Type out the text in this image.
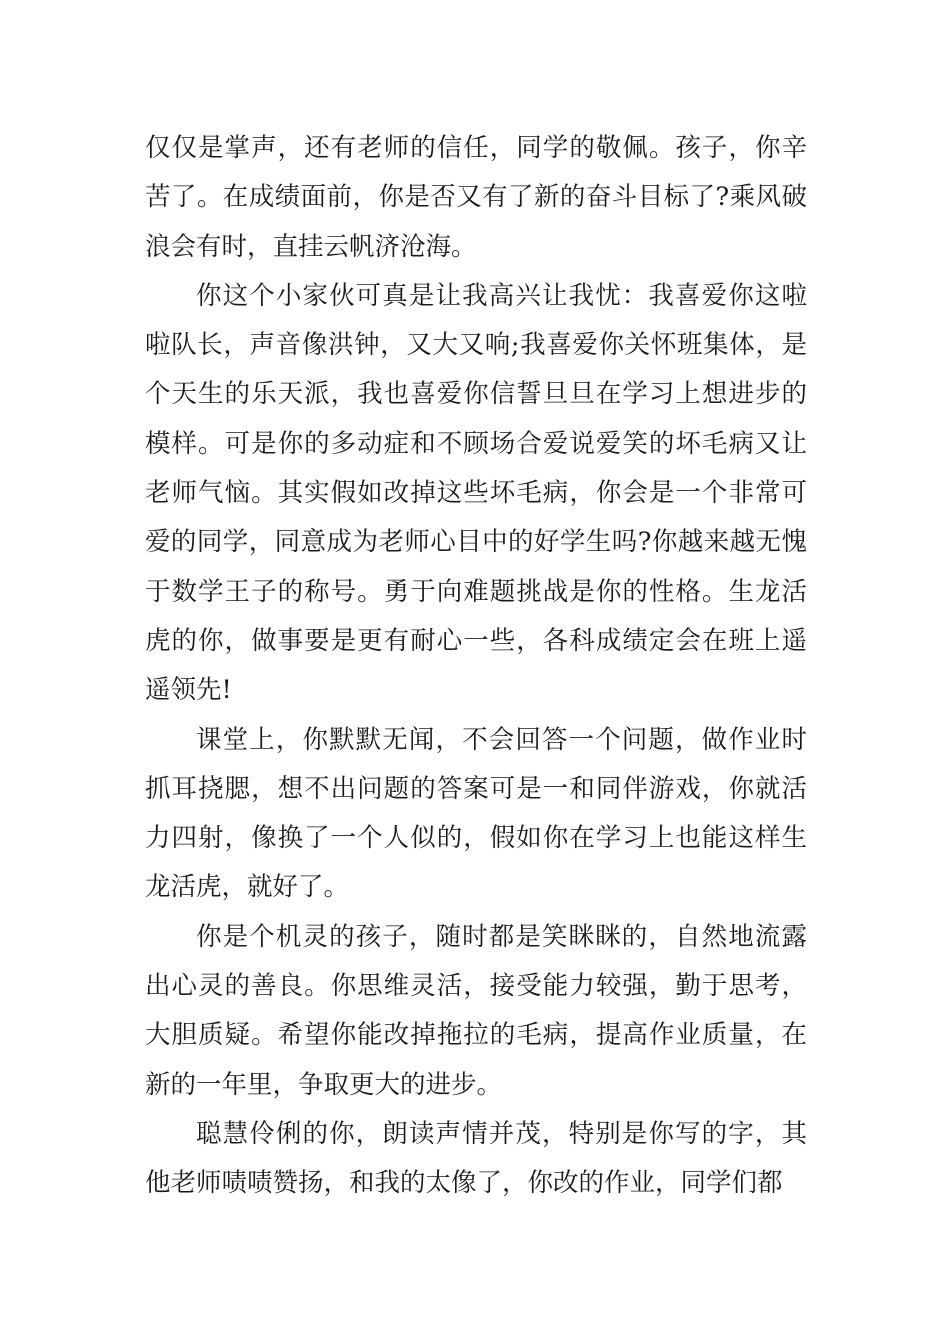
仅仅是掌声，还有老师的信任，同学的敬佩。孩子，你辛苦了。在成绩面前，你是否又有了新的奋斗目标了?乘风破浪会有时，直挂云帆济沧海。

你这个小家伙可真是让我高兴让我忧：我喜爱你这啦啦队长，声音像洪钟，又大又响;我喜爱你关怀班集体，是个天生的乐天派，我也喜爱你信誓旦旦在学习上想进步的模样。可是你的多动症和不顾场合爱说爱笑的坏毛病又让老师气恼。其实假如改掉这些坏毛病，你会是一个非常可爱的同学，同意成为老师心目中的好学生吗?你越来越无愧于数学王子的称号。勇于向难题挑战是你的性格。生龙活虎的你，做事要是更有耐心一些，各科成绩定会在班上遥遥领先!

课堂上，你默默无闻，不会回答一个问题，做作业时抓耳挠腮，想不出问题的答案可是一和同伴游戏，你就活力四射，像换了一个人似的，假如你在学习上也能这样生龙活虎，就好了。

你是个机灵的孩子，随时都是笑眯眯的，自然地流露出心灵的善良。你思维灵活，接受能力较强，勤于思考，大胆质疑。希望你能改掉拖拉的毛病，提高作业质量，在新的一年里，争取更大的进步。

聪慧伶俐的你，朗读声情并茂，特别是你写的字，其他老师啧啧赞扬，和我的太像了，你改的作业，同学们都
